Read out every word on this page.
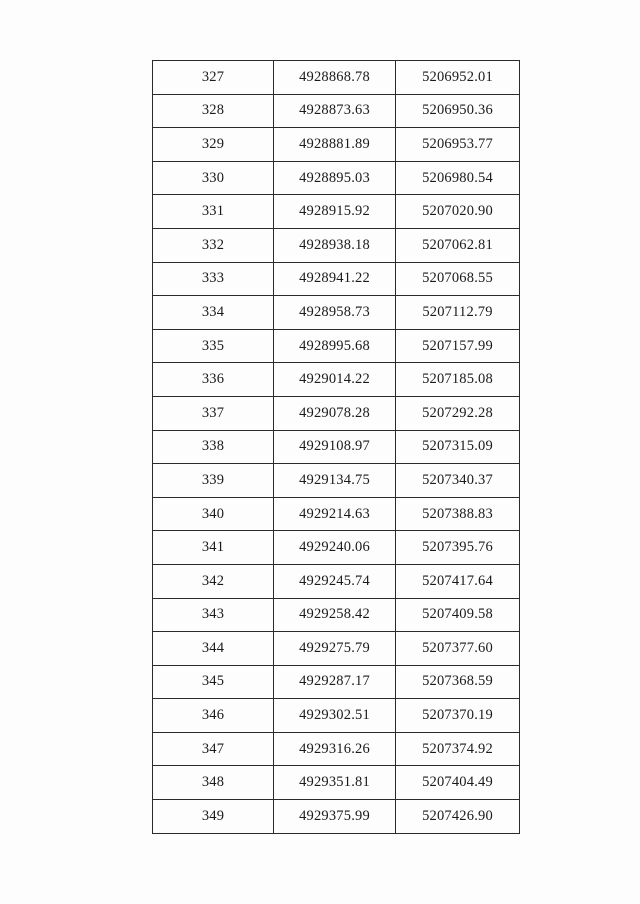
327	4928868.78	5206952.01
328	4928873.63	5206950.36
329	4928881.89	5206953.77
330	4928895.03	5206980.54
331	4928915.92	5207020.90
332	4928938.18	5207062.81
333	4928941.22	5207068.55
334	4928958.73	5207112.79
335	4928995.68	5207157.99
336	4929014.22	5207185.08
337	4929078.28	5207292.28
338	4929108.97	5207315.09
339	4929134.75	5207340.37
340	4929214.63	5207388.83
341	4929240.06	5207395.76
342	4929245.74	5207417.64
343	4929258.42	5207409.58
344	4929275.79	5207377.60
345	4929287.17	5207368.59
346	4929302.51	5207370.19
347	4929316.26	5207374.92
348	4929351.81	5207404.49
349	4929375.99	5207426.90
